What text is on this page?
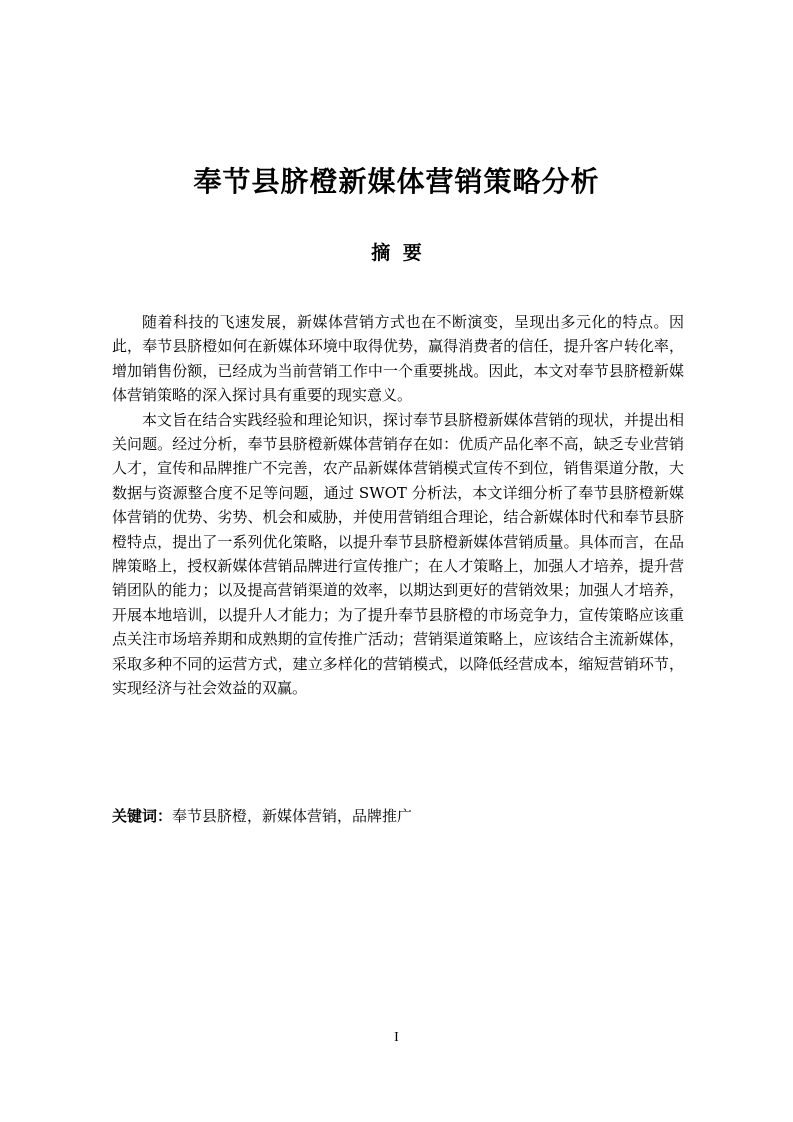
奉节县脐橙新媒体营销策略分析
摘 要

随着科技的飞速发展，新媒体营销方式也在不断演变，呈现出多元化的特点。因此，奉节县脐橙如何在新媒体环境中取得优势，赢得消费者的信任，提升客户转化率，增加销售份额，已经成为当前营销工作中一个重要挑战。因此，本文对奉节县脐橙新媒体营销策略的深入探讨具有重要的现实意义。

本文旨在结合实践经验和理论知识，探讨奉节县脐橙新媒体营销的现状，并提出相关问题。经过分析，奉节县脐橙新媒体营销存在如：优质产品化率不高，缺乏专业营销人才，宣传和品牌推广不完善，农产品新媒体营销模式宣传不到位，销售渠道分散，大数据与资源整合度不足等问题，通过 SWOT 分析法，本文详细分析了奉节县脐橙新媒体营销的优势、劣势、机会和威胁，并使用营销组合理论，结合新媒体时代和奉节县脐橙特点，提出了一系列优化策略，以提升奉节县脐橙新媒体营销质量。具体而言，在品牌策略上，授权新媒体营销品牌进行宣传推广；在人才策略上，加强人才培养，提升营销团队的能力；以及提高营销渠道的效率，以期达到更好的营销效果；加强人才培养，开展本地培训，以提升人才能力；为了提升奉节县脐橙的市场竞争力，宣传策略应该重点关注市场培养期和成熟期的宣传推广活动；营销渠道策略上，应该结合主流新媒体，采取多种不同的运营方式，建立多样化的营销模式，以降低经营成本，缩短营销环节，实现经济与社会效益的双赢。

关键词：奉节县脐橙，新媒体营销，品牌推广

I
